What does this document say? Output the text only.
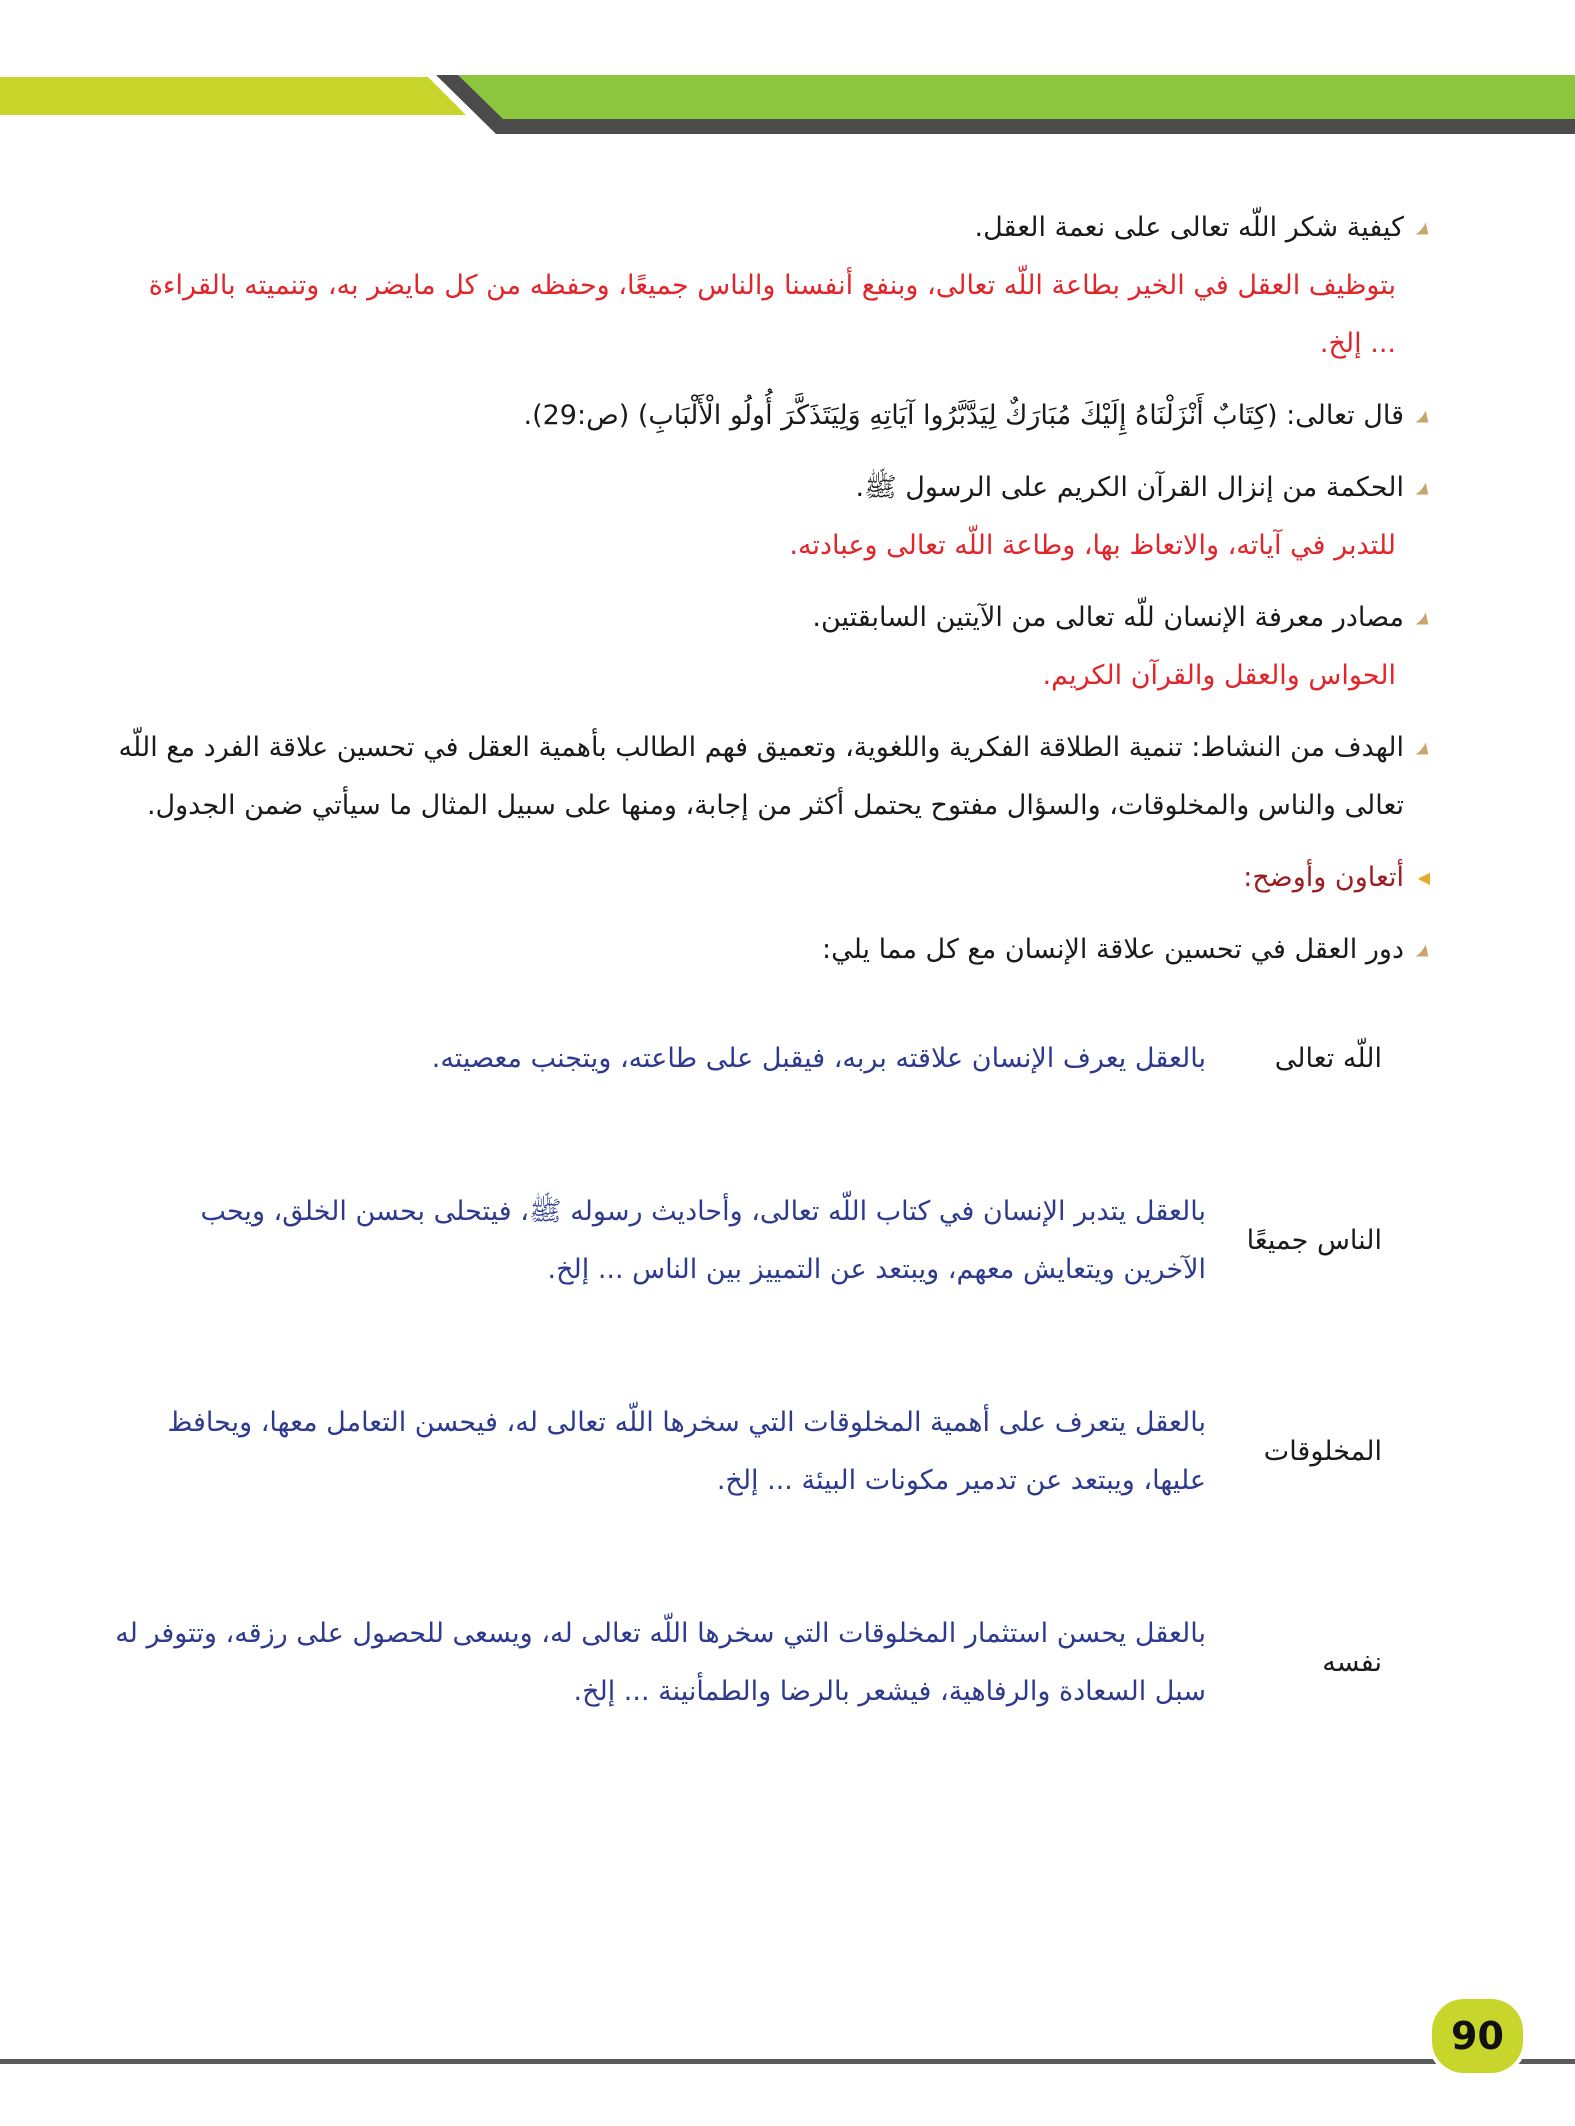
كيفية شكر اللّه تعالى على نعمة العقل.
بتوظيف العقل في الخير بطاعة اللّه تعالى، وبنفع أنفسنا والناس جميعًا، وحفظه من كل مايضر به، وتنميته بالقراءة ... إلخ.
قال تعالى: (كِتَابٌ أَنْزَلْنَاهُ إِلَيْكَ مُبَارَكٌ لِيَدَّبَّرُوا آيَاتِهِ وَلِيَتَذَكَّرَ أُولُو الْأَلْبَابِ) (ص:29).
الحكمة من إنزال القرآن الكريم على الرسول ﷺ.
للتدبر في آياته، والاتعاظ بها، وطاعة اللّه تعالى وعبادته.
مصادر معرفة الإنسان للّه تعالى من الآيتين السابقتين.
الحواس والعقل والقرآن الكريم.
الهدف من النشاط: تنمية الطلاقة الفكرية واللغوية، وتعميق فهم الطالب بأهمية العقل في تحسين علاقة الفرد مع اللّه تعالى والناس والمخلوقات، والسؤال مفتوح يحتمل أكثر من إجابة، ومنها على سبيل المثال ما سيأتي ضمن الجدول.
◀
أتعاون وأوضح:
دور العقل في تحسين علاقة الإنسان مع كل مما يلي:
اللّه تعالى
بالعقل يعرف الإنسان علاقته بربه، فيقبل على طاعته، ويتجنب معصيته.
الناس جميعًا
بالعقل يتدبر الإنسان في كتاب اللّه تعالى، وأحاديث رسوله ﷺ، فيتحلى بحسن الخلق، ويحب الآخرين ويتعايش معهم، ويبتعد عن التمييز بين الناس ... إلخ.
المخلوقات
بالعقل يتعرف على أهمية المخلوقات التي سخرها اللّه تعالى له، فيحسن التعامل معها، ويحافظ عليها، ويبتعد عن تدمير مكونات البيئة ... إلخ.
نفسه
بالعقل يحسن استثمار المخلوقات التي سخرها اللّه تعالى له، ويسعى للحصول على رزقه، وتتوفر له سبل السعادة والرفاهية، فيشعر بالرضا والطمأنينة ... إلخ.
90
